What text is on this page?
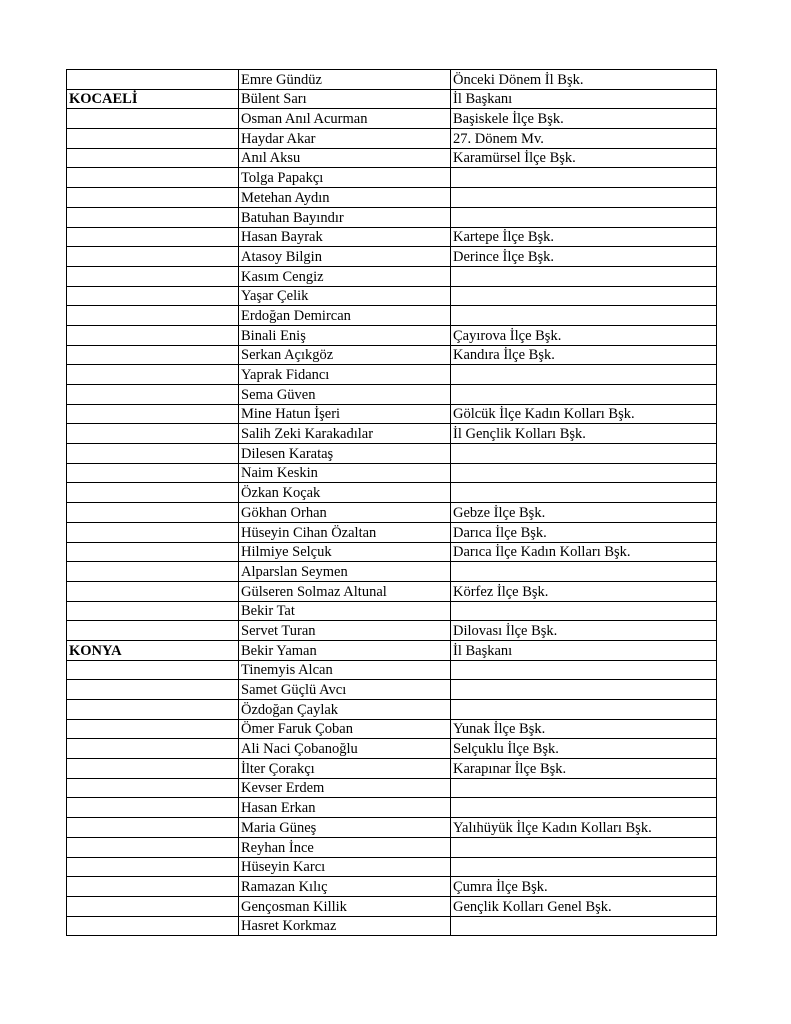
	Emre Gündüz	Önceki Dönem İl Bşk.
KOCAELİ	Bülent Sarı	İl Başkanı
	Osman Anıl Acurman	Başiskele İlçe Bşk.
	Haydar Akar	27. Dönem Mv.
	Anıl Aksu	Karamürsel İlçe Bşk.
	Tolga Papakçı	
	Metehan Aydın	
	Batuhan Bayındır	
	Hasan Bayrak	Kartepe İlçe Bşk.
	Atasoy Bilgin	Derince İlçe Bşk.
	Kasım Cengiz	
	Yaşar Çelik	
	Erdoğan Demircan	
	Binali Eniş	Çayırova İlçe Bşk.
	Serkan Açıkgöz	Kandıra İlçe Bşk.
	Yaprak Fidancı	
	Sema Güven	
	Mine Hatun İşeri	Gölcük İlçe Kadın Kolları Bşk.
	Salih Zeki Karakadılar	İl Gençlik Kolları Bşk.
	Dilesen Karataş	
	Naim Keskin	
	Özkan Koçak	
	Gökhan Orhan	Gebze İlçe Bşk.
	Hüseyin Cihan Özaltan	Darıca İlçe Bşk.
	Hilmiye Selçuk	Darıca İlçe Kadın Kolları Bşk.
	Alparslan Seymen	
	Gülseren Solmaz Altunal	Körfez İlçe Bşk.
	Bekir Tat	
	Servet Turan	Dilovası İlçe Bşk.
KONYA	Bekir Yaman	İl Başkanı
	Tinemyis Alcan	
	Samet Güçlü Avcı	
	Özdoğan Çaylak	
	Ömer Faruk Çoban	Yunak İlçe Bşk.
	Ali Naci Çobanoğlu	Selçuklu İlçe Bşk.
	İlter Çorakçı	Karapınar İlçe Bşk.
	Kevser Erdem	
	Hasan Erkan	
	Maria Güneş	Yalıhüyük İlçe Kadın Kolları Bşk.
	Reyhan İnce	
	Hüseyin Karcı	
	Ramazan Kılıç	Çumra İlçe Bşk.
	Gençosman Killik	Gençlik Kolları Genel Bşk.
	Hasret Korkmaz	
